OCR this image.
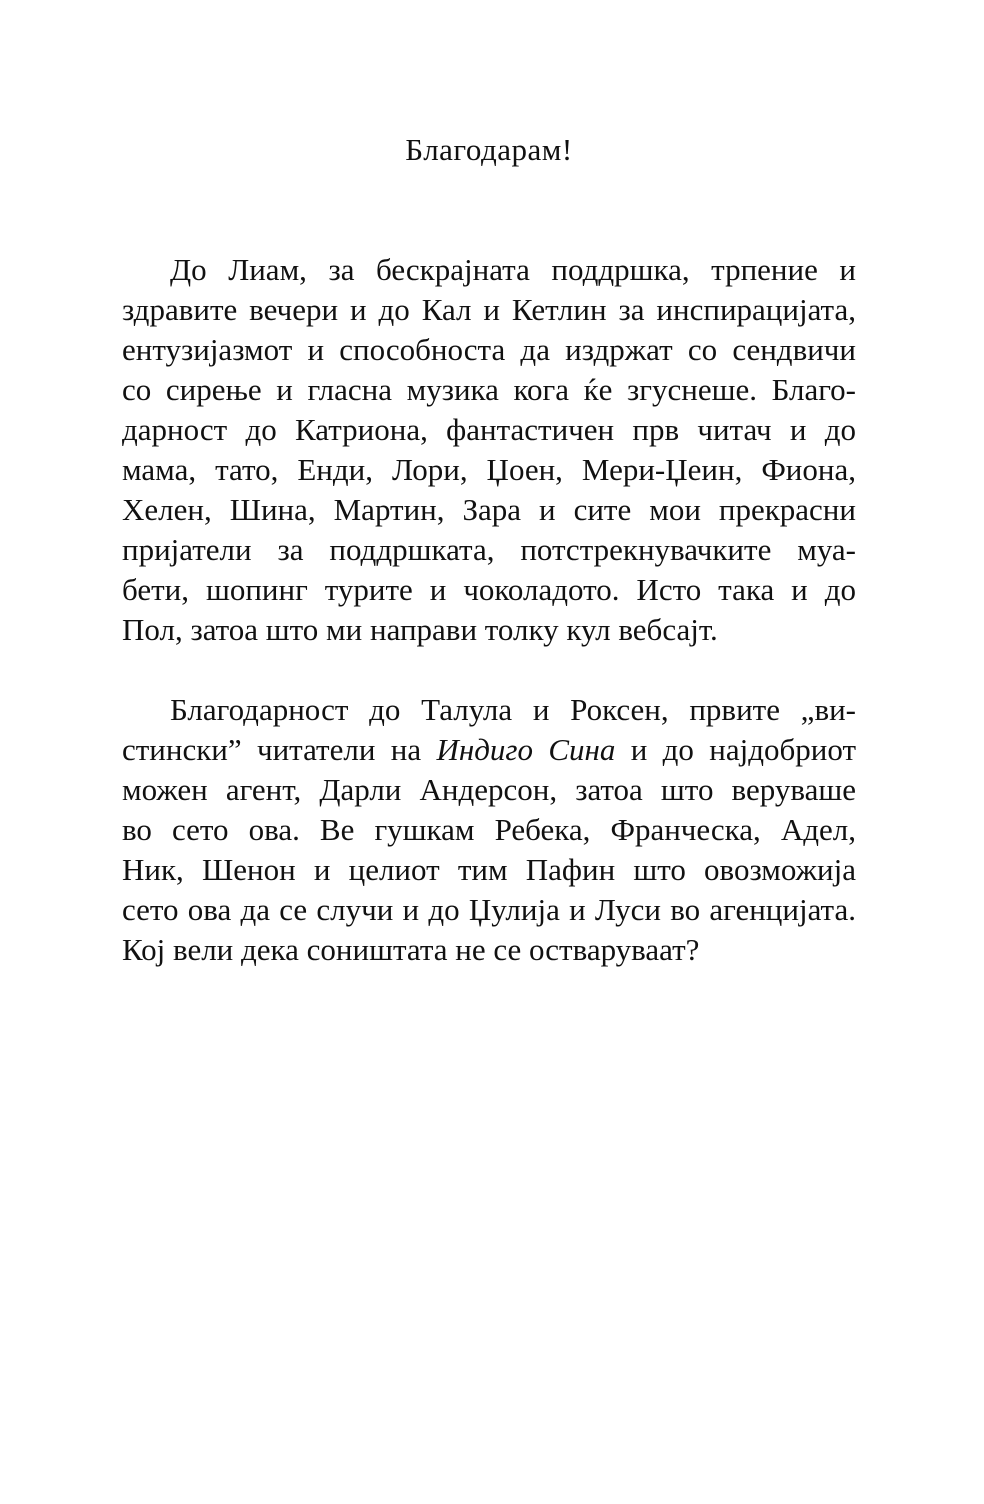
Благодарам!
До Лиам, за бескрајната поддршка, трпение и
здравите вечери и до Кал и Кетлин за инспирацијата,
ентузијазмот и способноста да издржат со сендвичи
со сирење и гласна музика кога ќе згуснеше. Благо-
дарност до Катриона, фантастичен прв читач и до
мама, тато, Енди, Лори, Џоен, Мери-Џеин, Фиона,
Хелен, Шина, Мартин, Зара и сите мои прекрасни
пријатели за поддршката, потстрекнувачките муа-
бети, шопинг турите и чоколадото. Исто така и до
Пол, затоа што ми направи толку кул вебсајт.
Благодарност до Талула и Роксен, првите „ви-
стински” читатели на Индиго Сина и до најдобриот
можен агент, Дарли Андерсон, затоа што веруваше
во сето ова. Ве гушкам Ребека, Франческа, Адел,
Ник, Шенон и целиот тим Пафин што овозможија
сето ова да се случи и до Џулија и Луси во агенцијата.
Кој вели дека соништата не се остваруваат?
